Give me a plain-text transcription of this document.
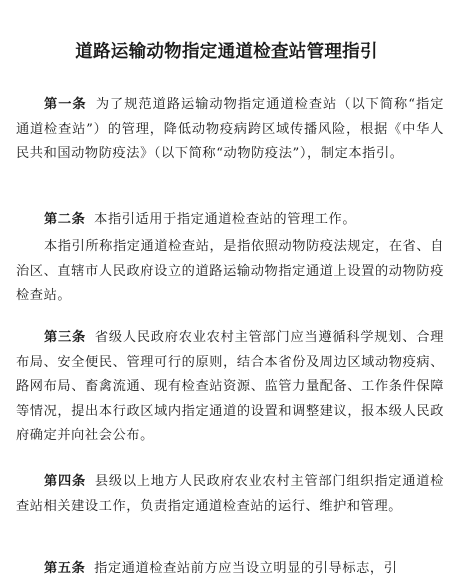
道路运输动物指定通道检查站管理指引
第一条 为了规范道路运输动物指定通道检查站（以下简称“指定通道检查站”）的管理，降低动物疫病跨区域传播风险，根据《中华人民共和国动物防疫法》（以下简称“动物防疫法”），制定本指引。
第二条 本指引适用于指定通道检查站的管理工作。
本指引所称指定通道检查站，是指依照动物防疫法规定，在省、自治区、直辖市人民政府设立的道路运输动物指定通道上设置的动物防疫检查站。
第三条 省级人民政府农业农村主管部门应当遵循科学规划、合理布局、安全便民、管理可行的原则，结合本省份及周边区域动物疫病、路网布局、畜禽流通、现有检查站资源、监管力量配备、工作条件保障等情况，提出本行政区域内指定通道的设置和调整建议，报本级人民政府确定并向社会公布。
第四条 县级以上地方人民政府农业农村主管部门组织指定通道检查站相关建设工作，负责指定通道检查站的运行、维护和管理。
第五条 指定通道检查站前方应当设立明显的引导标志，引
